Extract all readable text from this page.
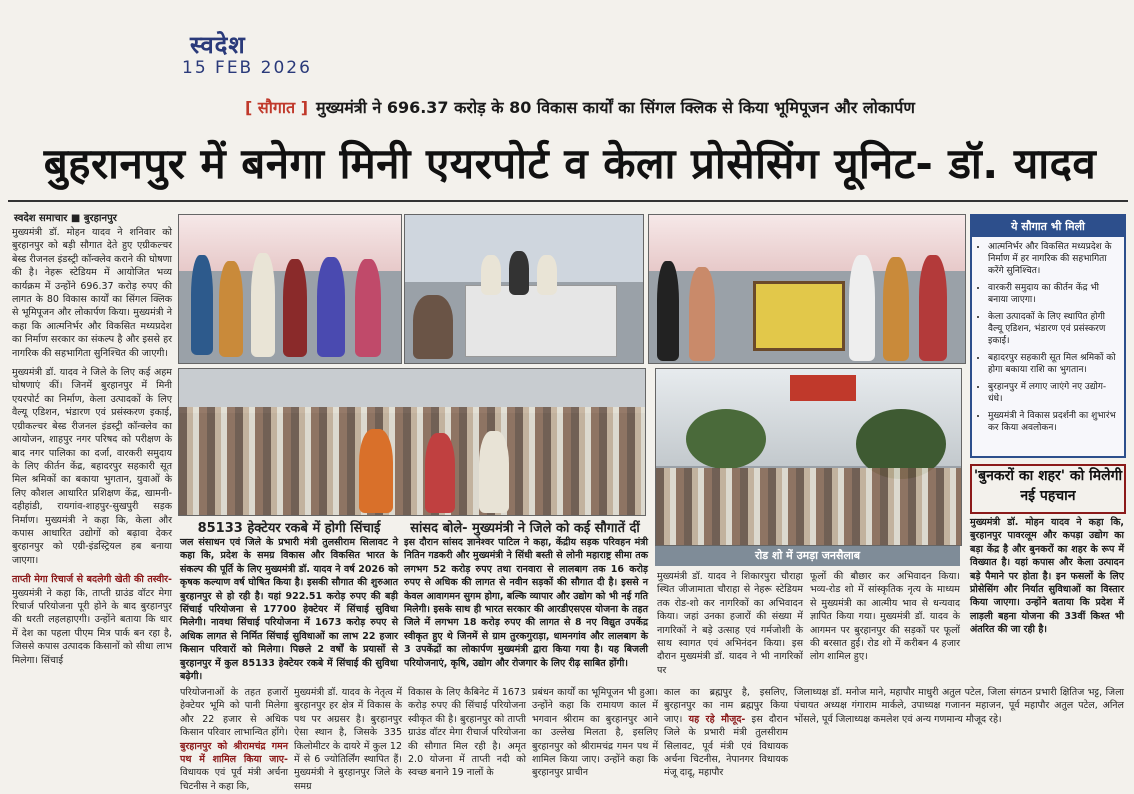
स्वदेश
15 FEB 2026
[ सौगात ] मुख्यमंत्री ने 696.37 करोड़ के 80 विकास कार्यों का सिंगल क्लिक से किया भूमिपूजन और लोकार्पण
बुहरानपुर में बनेगा मिनी एयरपोर्ट व केला प्रोसेसिंग यूनिट- डॉ. यादव
स्वदेश समाचार ■ बुरहानपुर

मुख्यमंत्री डॉ. मोहन यादव ने शनिवार को बुरहानपुर को बड़ी सौगात देते हुए एग्रीकल्चर बेस्ड रीजनल इंडस्ट्री कॉन्क्लेव कराने की घोषणा की है। नेहरू स्टेडियम में आयोजित भव्य कार्यक्रम में उन्होंने 696.37 करोड़ रुपए की लागत के 80 विकास कार्यों का सिंगल क्लिक से भूमिपूजन और लोकार्पण किया। मुख्यमंत्री ने कहा कि आत्मनिर्भर और विकसित मध्यप्रदेश का निर्माण सरकार का संकल्प है और इससे हर नागरिक की सहभागिता सुनिश्चित की जाएगी।

मुख्यमंत्री डॉ. यादव ने जिले के लिए कई अहम घोषणाएं कीं। जिनमें बुरहानपुर में मिनी एयरपोर्ट का निर्माण, केला उत्पादकों के लिए वैल्यू एडिशन, भंडारण एवं प्रसंस्करण इकाई, एग्रीकल्चर बेस्ड रीजनल इंडस्ट्री कॉन्क्लेव का आयोजन, शाहपुर नगर परिषद को परीक्षण के बाद नगर पालिका का दर्जा, वारकरी समुदाय के लिए कीर्तन केंद्र, बहादरपुर सहकारी सूत मिल श्रमिकों का बकाया भुगतान, युवाओं के लिए कौशल आधारित प्रशिक्षण केंद्र, खामनी-दहीहांडी, रायगांव-शाहपुर-सुखपुरी सड़क निर्माण। मुख्यमंत्री ने कहा कि, केला और कपास आधारित उद्योगों को बढ़ावा देकर बुरहानपुर को एग्री-इंडस्ट्रियल हब बनाया जाएगा।

ताप्ती मेगा रिचार्ज से बदलेगी खेती की तस्वीर- मुख्यमंत्री ने कहा कि, ताप्ती ग्राउंड वॉटर मेगा रिचार्ज परियोजना पूरी होने के बाद बुरहानपुर की धरती लहलहाएगी। उन्होंने बताया कि धार में देश का पहला पीएम मित्र पार्क बन रहा है, जिससे कपास उत्पादक किसानों को सीधा लाभ मिलेगा। सिंचाई

रोड शो में उमड़ा जनसैलाब
85133 हेक्टेयर रकबे में होगी सिंचाई
जल संसाधन एवं जिले के प्रभारी मंत्री तुलसीराम सिलावट ने कहा कि, प्रदेश के समग्र विकास और विकसित भारत के संकल्प की पूर्ति के लिए मुख्यमंत्री डॉ. यादव ने वर्ष 2026 को कृषक कल्याण वर्ष घोषित किया है। इसकी सौगात की शुरुआत बुरहानपुर से हो रही है। यहां 922.51 करोड़ रुपए की बड़ी सिंचाई परियोजना से 17700 हेक्टेयर में सिंचाई सुविधा मिलेगी। नावथा सिंचाई परियोजना में 1673 करोड़ रुपए से अधिक लागत से निर्मित सिंचाई सुविधाओं का लाभ 22 हजार किसान परिवारों को मिलेगा। पिछले 2 वर्षों के प्रयासों से बुरहानपुर में कुल 85133 हेक्टेयर रकबे में सिंचाई की सुविधा बढ़ेगी।
सांसद बोले- मुख्यमंत्री ने जिले को कई सौगातें दीं
इस दौरान सांसद ज्ञानेश्वर पाटिल ने कहा, केंद्रीय सड़क परिवहन मंत्री नितिन गडकरी और मुख्यमंत्री ने सिंधी बस्ती से लोनी महाराष्ट्र सीमा तक लगभग 52 करोड़ रुपए तथा रानवारा से लालबाग तक 16 करोड़ रुपए से अधिक की लागत से नवीन सड़कों की सौगात दी है। इससे न केवल आवागमन सुगम होगा, बल्कि व्यापार और उद्योग को भी नई गति मिलेगी। इसके साथ ही भारत सरकार की आरडीएसएस योजना के तहत जिले में लगभग 18 करोड़ रुपए की लागत से 8 नए विद्युत उपकेंद्र स्वीकृत हुए थे जिनमें से ग्राम तुरकगुराड़ा, धामनगांव और लालबाग के 3 उपकेंद्रों का लोकार्पण मुख्यमंत्री द्वारा किया गया है। यह बिजली परियोजनाएं, कृषि, उद्योग और रोजगार के लिए रीढ़ साबित होंगी।
मुख्यमंत्री डॉ. यादव ने शिकारपुरा चौराहा स्थित जीजामाता चौराहा से नेहरू स्टेडियम तक रोड-शो कर नागरिकों का अभिवादन किया। जहां उनका हजारों की संख्या में नागरिकों ने बड़े उत्साह एवं गर्मजोशी के साथ स्वागत एवं अभिनंदन किया। इस दौरान मुख्यमंत्री डॉ. यादव ने भी नागरिकों पर
फूलों की बौछार कर अभिवादन किया। भव्य-रोड शो में सांस्कृतिक नृत्य के माध्यम से मुख्यमंत्री का आत्मीय भाव से धन्यवाद ज्ञापित किया गया। मुख्यमंत्री डॉ. यादव के आगमन पर बुरहानपुर की सड़कों पर फूलों की बरसात हुई। रोड शो में करीबन 4 हजार लोग शामिल हुए।
परियोजनाओं के तहत हजारों हेक्टेयर भूमि को पानी मिलेगा और 22 हजार से अधिक किसान परिवार लाभान्वित होंगे। बुरहानपुर को श्रीरामचंद्र गमन पथ में शामिल किया जाए- विधायक एवं पूर्व मंत्री अर्चना चिटनीस ने कहा कि,
मुख्यमंत्री डॉ. यादव के नेतृत्व में बुरहानपुर हर क्षेत्र में विकास के पथ पर अग्रसर है। बुरहानपुर ऐसा स्थान है, जिसके 335 किलोमीटर के दायरे में कुल 12 में से 6 ज्योतिर्लिंग स्थापित हैं। मुख्यमंत्री ने बुरहानपुर जिले के समग्र
विकास के लिए कैबिनेट में 1673 करोड़ रुपए की सिंचाई परियोजना स्वीकृत की है। बुरहानपुर को ताप्ती ग्राउंड वॉटर मेगा रीचार्ज परियोजना की सौगात मिल रही है। अमृत 2.0 योजना में ताप्ती नदी को स्वच्छ बनाने 19 नालों के
प्रबंधन कार्यों का भूमिपूजन भी हुआ। उन्होंने कहा कि रामायण काल में भगवान श्रीराम का बुरहानपुर आने का उल्लेख मिलता है, इसलिए बुरहानपुर को श्रीरामचंद्र गमन पथ में शामिल किया जाए। उन्होंने कहा कि बुरहानपुर प्राचीन
काल का ब्रह्मपुर है, इसलिए, बुरहानपुर का नाम ब्रह्मपुर किया जाए। यह रहे मौजूद- इस दौरान जिले के प्रभारी मंत्री तुलसीराम सिलावट, पूर्व मंत्री एवं विधायक अर्चना चिटनीस, नेपानगर विधायक मंजू दादू, महापौर
ये सौगात भी मिली
• आत्मनिर्भर और विकसित मध्यप्रदेश के निर्माण में हर नागरिक की सहभागिता करेंगे सुनिश्चित।
• वारकरी समुदाय का कीर्तन केंद्र भी बनाया जाएगा।
• केला उत्पादकों के लिए स्थापित होगी वैल्यू एडिशन, भंडारण एवं प्रसंस्करण इकाई।
• बहादरपुर सहकारी सूत मिल श्रमिकों को होगा बकाया राशि का भुगतान।
• बुरहानपुर में लगाए जाएंगे नए उद्योग-धंधे।
• मुख्यमंत्री ने विकास प्रदर्शनी का शुभारंभ कर किया अवलोकन।
'बुनकरों का शहर' को मिलेगी नई पहचान
मुख्यमंत्री डॉ. मोहन यादव ने कहा कि, बुरहानपुर पावरलूम और कपड़ा उद्योग का बड़ा केंद्र है और बुनकरों का शहर के रूप में विख्यात है। यहां कपास और केला उत्पादन बड़े पैमाने पर होता है। इन फसलों के लिए प्रोसेसिंग और निर्यात सुविधाओं का विस्तार किया जाएगा। उन्होंने बताया कि प्रदेश में लाड़ली बहना योजना की 33वीं किश्त भी अंतरित की जा रही है।
जिलाध्यक्ष डॉ. मनोज माने, महापौर माधुरी अतुल पटेल, जिला संगठन प्रभारी क्षितिज भट्ट, जिला पंचायत अध्यक्ष गंगाराम मार्कले, उपाध्यक्ष गजानन महाजन, पूर्व महापौर अतुल पटेल, अनिल भोंसले, पूर्व जिलाध्यक्ष कमलेश एवं अन्य गणमान्य मौजूद रहे।
